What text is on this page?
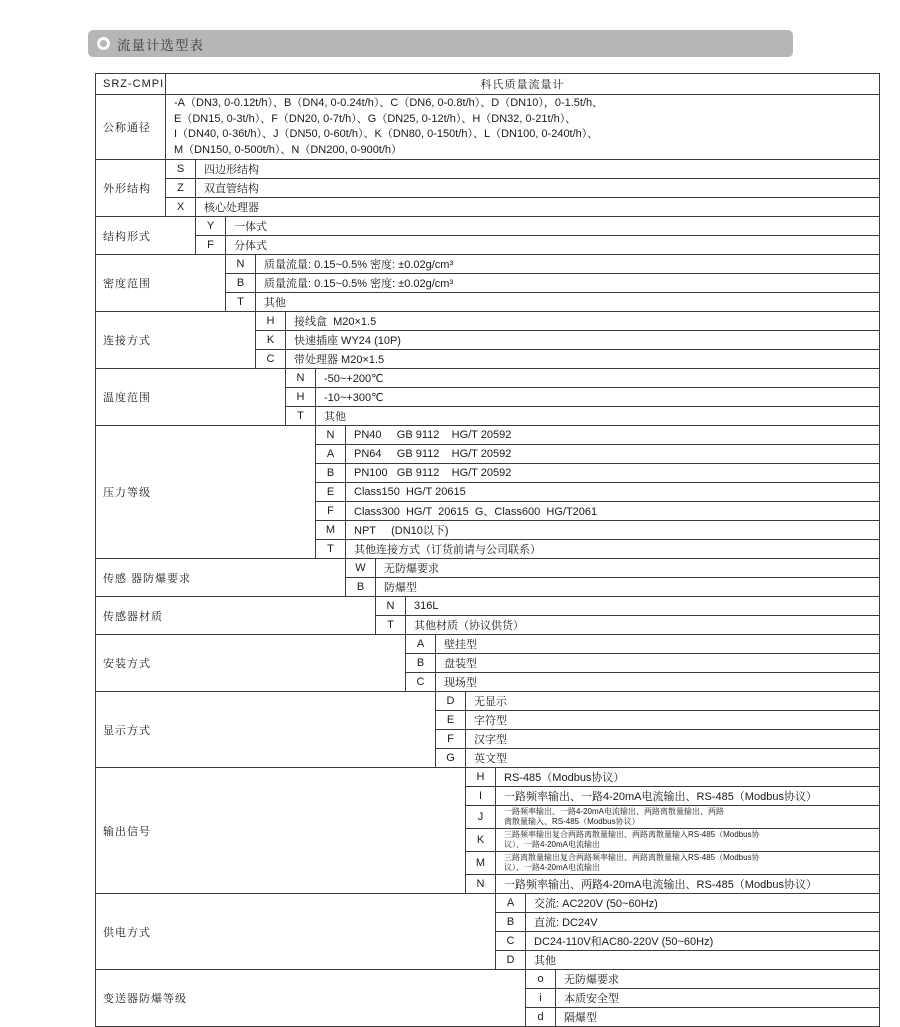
流量计选型表
SRZ-CMPI	科氏质量流量计
公称通径
-A（DN3, 0-0.12t/h）、B（DN4, 0-0.24t/h）、C（DN6, 0-0.8t/h）、D（DN10），0-1.5t/h、
E（DN15, 0-3t/h）、F（DN20, 0-7t/h）、G（DN25, 0-12t/h）、H（DN32, 0-21t/h）、
I（DN40, 0-36t/h）、J（DN50, 0-60t/h）、K（DN80, 0-150t/h）、L（DN100, 0-240t/h）、
M（DN150, 0-500t/h）、N（DN200, 0-900t/h）
外形结构
S	四边形结构
Z	双直管结构
X	核心处理器
结构形式
Y	一体式
F	分体式
密度范围
N	质量流量: 0.15~0.5% 密度: ±0.02g/cm³
B	质量流量: 0.15~0.5% 密度: ±0.02g/cm³
T	其他
连接方式
H	接线盒  M20×1.5
K	快速插座 WY24 (10P)
C	带处理器 M20×1.5
温度范围
N	-50~+200℃
H	-10~+300℃
T	其他
压力等级
N	PN40     GB 9112    HG/T 20592
A	PN64     GB 9112    HG/T 20592
B	PN100   GB 9112    HG/T 20592
E	Class150  HG/T 20615
F	Class300  HG/T  20615  G、Class600  HG/T2061
M	NPT     (DN10以下)
T	其他连接方式（订货前请与公司联系）
传感 器防爆要求
W	无防爆要求
B	防爆型
传感器材质
N	316L
T	其他材质（协议供货）
安装方式
A	壁挂型
B	盘装型
C	现场型
显示方式
D	无显示
E	字符型
F	汉字型
G	英文型
输出信号
H	RS-485（Modbus协议）
I	一路频率输出、一路4-20mA电流输出、RS-485（Modbus协议）
J	一路频率输出、一路4-20mA电流输出、两路离散量输出、两路
离散量输入、RS-485（Modbus协议）
K	三路频率输出复合两路离散量输出、两路离散量输入RS-485（Modbus协
议）、一路4-20mA电流输出
M	三路离散量输出复合两路频率输出、两路离散量输入RS-485（Modbus协
议）、一路4-20mA电流输出
N	一路频率输出、两路4-20mA电流输出、RS-485（Modbus协议）
供电方式
A	交流: AC220V (50~60Hz)
B	直流: DC24V
C	DC24-110V和AC80-220V (50~60Hz)
D	其他
变送器防爆等级
o	无防爆要求
i	本质安全型
d	隔爆型
